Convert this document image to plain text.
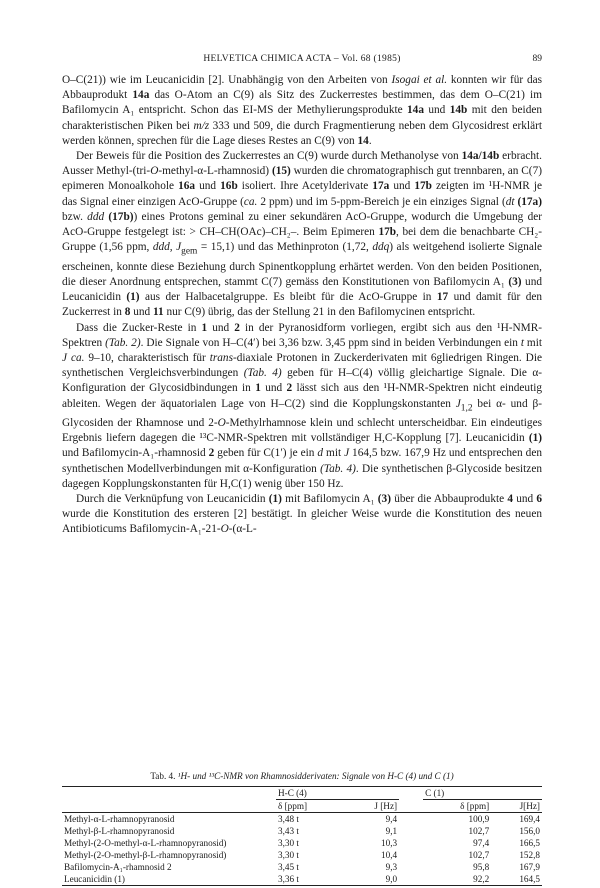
HELVETICA CHIMICA ACTA – Vol. 68 (1985)	89

O–C(21)) wie im Leucanicidin [2]. Unabhängig von den Arbeiten von Isogai et al. konnten wir für das Abbauprodukt 14a das O-Atom an C(9) als Sitz des Zuckerrestes bestimmen, das dem O–C(21) im Bafilomycin A₁ entspricht. Schon das EI-MS der Methylierungsprodukte 14a und 14b mit den beiden charakteristischen Piken bei m/z 333 und 509, die durch Fragmentierung neben dem Glycosidrest erklärt werden können, sprechen für die Lage dieses Restes an C(9) von 14.

Der Beweis für die Position des Zuckerrestes an C(9) wurde durch Methanolyse von 14a/14b erbracht. Ausser Methyl-(tri-O-methyl-α-L-rhamnosid) (15) wurden die chromatographisch gut trennbaren, an C(7) epimeren Monoalkohole 16a und 16b isoliert. Ihre Acetylderivate 17a und 17b zeigten im ¹H-NMR je das Signal einer einzigen AcO-Gruppe (ca. 2 ppm) und im 5-ppm-Bereich je ein einziges Signal (dt (17a) bzw. ddd (17b)) eines Protons geminal zu einer sekundären AcO-Gruppe, wodurch die Umgebung der AcO-Gruppe festgelegt ist: > CH–CH(OAc)–CH₂–. Beim Epimeren 17b, bei dem die benachbarte CH₂-Gruppe (1,56 ppm, ddd, $J_{gem} = 15,1$) und das Methinproton (1,72, ddq) als weitgehend isolierte Signale erscheinen, konnte diese Beziehung durch Spinentkopplung erhärtet werden. Von den beiden Positionen, die dieser Anordnung entsprechen, stammt C(7) gemäss den Konstitutionen von Bafilomycin A₁ (3) und Leucanicidin (1) aus der Halbacetalgruppe. Es bleibt für die AcO-Gruppe in 17 und damit für den Zuckerrest in 8 und 11 nur C(9) übrig, das der Stellung 21 in den Bafilomycinen entspricht.

Dass die Zucker-Reste in 1 und 2 in der Pyranosidform vorliegen, ergibt sich aus den ¹H-NMR-Spektren (Tab. 2). Die Signale von H–C(4′) bei 3,36 bzw. 3,45 ppm sind in beiden Verbindungen ein t mit J ca. 9–10, charakteristisch für trans-diaxiale Protonen in Zuckerderivaten mit 6gliedrigen Ringen. Die synthetischen Vergleichsverbindungen (Tab. 4) geben für H–C(4) völlig gleichartige Signale. Die α-Konfiguration der Glycosidbindungen in 1 und 2 lässt sich aus den ¹H-NMR-Spektren nicht eindeutig ableiten. Wegen der äquatorialen Lage von H–C(2) sind die Kopplungskonstanten $J_{1,2}$ bei α- und β-Glycosiden der Rhamnose und 2-O-Methylrhamnose klein und schlecht unterscheidbar. Ein eindeutiges Ergebnis liefern dagegen die ¹³C-NMR-Spektren mit vollständiger H,C-Kopplung [7]. Leucanicidin (1) und Bafilomycin-A₁-rhamnosid 2 geben für C(1′) je ein d mit J 164,5 bzw. 167,9 Hz und entsprechen den synthetischen Modellverbindungen mit α-Konfiguration (Tab. 4). Die synthetischen β-Glycoside besitzen dagegen Kopplungskonstanten für H,C(1) wenig über 150 Hz.

Durch die Verknüpfung von Leucanicidin (1) mit Bafilomycin A₁ (3) über die Abbauprodukte 4 und 6 wurde die Konstitution des ersteren [2] bestätigt. In gleicher Weise wurde die Konstitution des neuen Antibioticums Bafilomycin-A₁-21-O-(α-L-

Tab. 4. ¹H- und ¹³C-NMR von Rhamnosidderivaten: Signale von H-C (4) und C (1)
	H-C (4)			C (1)	
	δ [ppm]	J [Hz]		δ [ppm]	J[Hz]
Methyl-α-L-rhamnopyranosid	3,48 t	9,4		100,9	169,4
Methyl-β-L-rhamnopyranosid	3,43 t	9,1		102,7	156,0
Methyl-(2-O-methyl-α-L-rhamnopyranosid)	3,30 t	10,3		97,4	166,5
Methyl-(2-O-methyl-β-L-rhamnopyranosid)	3,30 t	10,4		102,7	152,8
Bafilomycin-A₁-rhamnosid 2	3,45 t	9,3		95,8	167,9
Leucanicidin (1)	3,36 t	9,0		92,2	164,5
